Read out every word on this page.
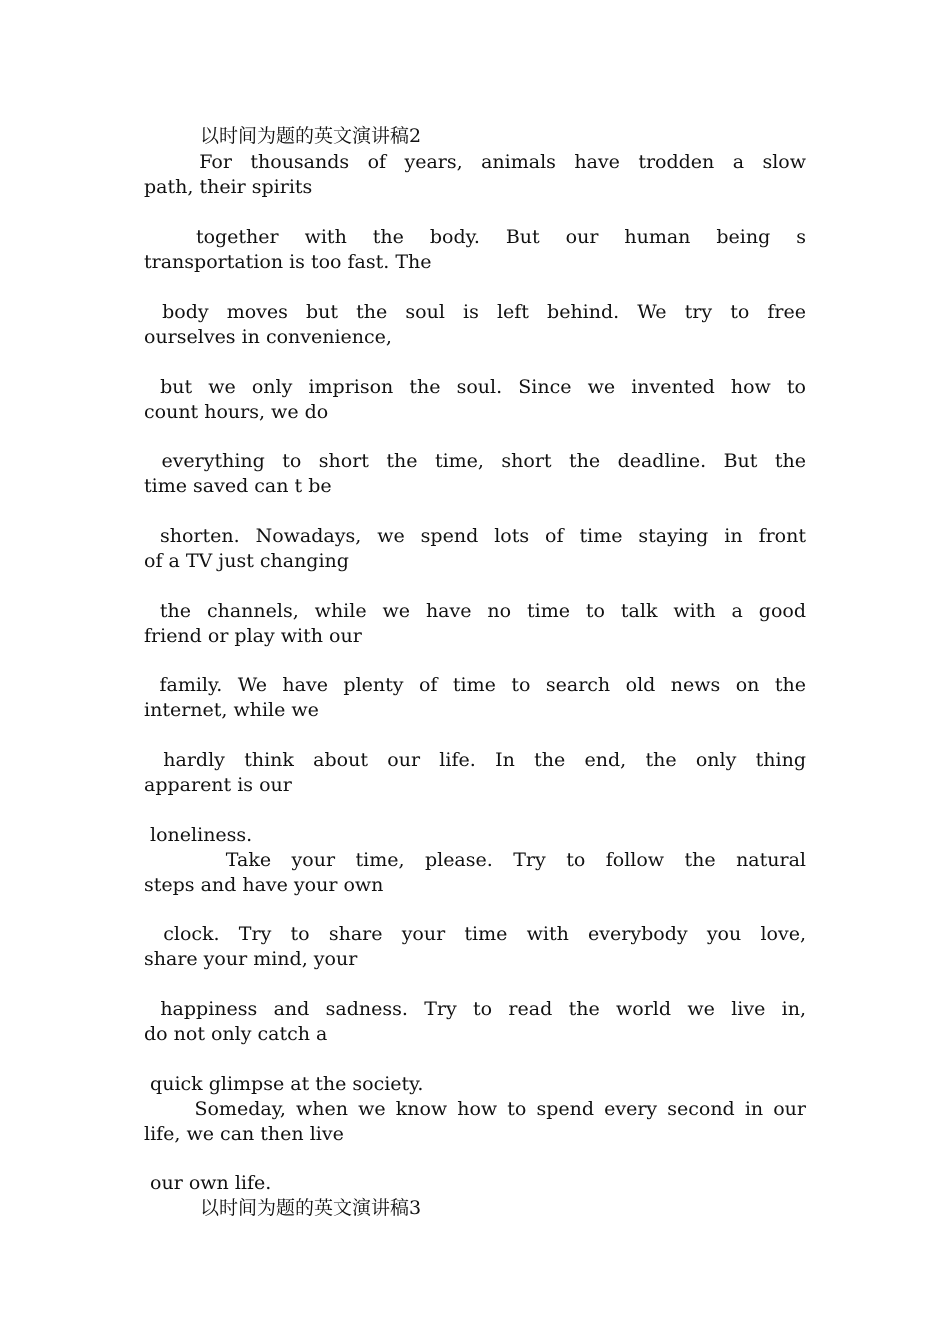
以时间为题的英文演讲稿2

For thousands of years, animals have trodden a slow

path, their spirits

together with the body. But our human being s

transportation is too fast. The

body moves but the soul is left behind. We try to free

ourselves in convenience,

but we only imprison the soul. Since we invented how to

count hours, we do

everything to short the time, short the deadline. But the

time saved can t be

shorten. Nowadays, we spend lots of time staying in front

of a TV just changing

the channels, while we have no time to talk with a good

friend or play with our

family. We have plenty of time to search old news on the

internet, while we

hardly think about our life. In the end, the only thing

apparent is our

loneliness.

Take your time, please. Try to follow the natural

steps and have your own

clock. Try to share your time with everybody you love,

share your mind, your

happiness and sadness. Try to read the world we live in,

do not only catch a

quick glimpse at the society.

Someday, when we know how to spend every second in our

life, we can then live

our own life.

以时间为题的英文演讲稿3
